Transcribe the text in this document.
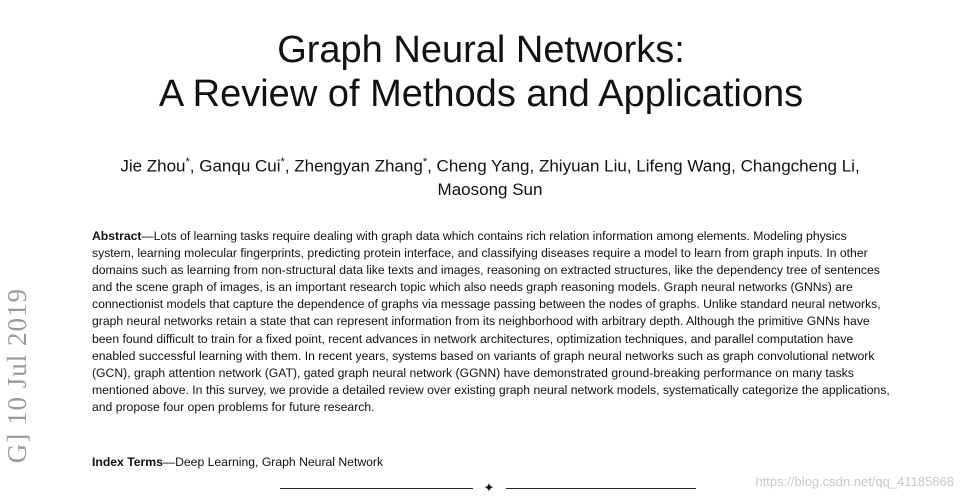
Graph Neural Networks:
A Review of Methods and Applications

Jie Zhou*, Ganqu Cui*, Zhengyan Zhang*, Cheng Yang, Zhiyuan Liu, Lifeng Wang, Changcheng Li,
Maosong Sun

Abstract—Lots of learning tasks require dealing with graph data which contains rich relation information among elements. Modeling physics system, learning molecular fingerprints, predicting protein interface, and classifying diseases require a model to learn from graph inputs. In other domains such as learning from non-structural data like texts and images, reasoning on extracted structures, like the dependency tree of sentences and the scene graph of images, is an important research topic which also needs graph reasoning models. Graph neural networks (GNNs) are connectionist models that capture the dependence of graphs via message passing between the nodes of graphs. Unlike standard neural networks, graph neural networks retain a state that can represent information from its neighborhood with arbitrary depth. Although the primitive GNNs have been found difficult to train for a fixed point, recent advances in network architectures, optimization techniques, and parallel computation have enabled successful learning with them. In recent years, systems based on variants of graph neural networks such as graph convolutional network (GCN), graph attention network (GAT), gated graph neural network (GGNN) have demonstrated ground-breaking performance on many tasks mentioned above. In this survey, we provide a detailed review over existing graph neural network models, systematically categorize the applications, and propose four open problems for future research.

Index Terms—Deep Learning, Graph Neural Network

G] 10 Jul 2019
✦	https://blog.csdn.net/qq_41185868
